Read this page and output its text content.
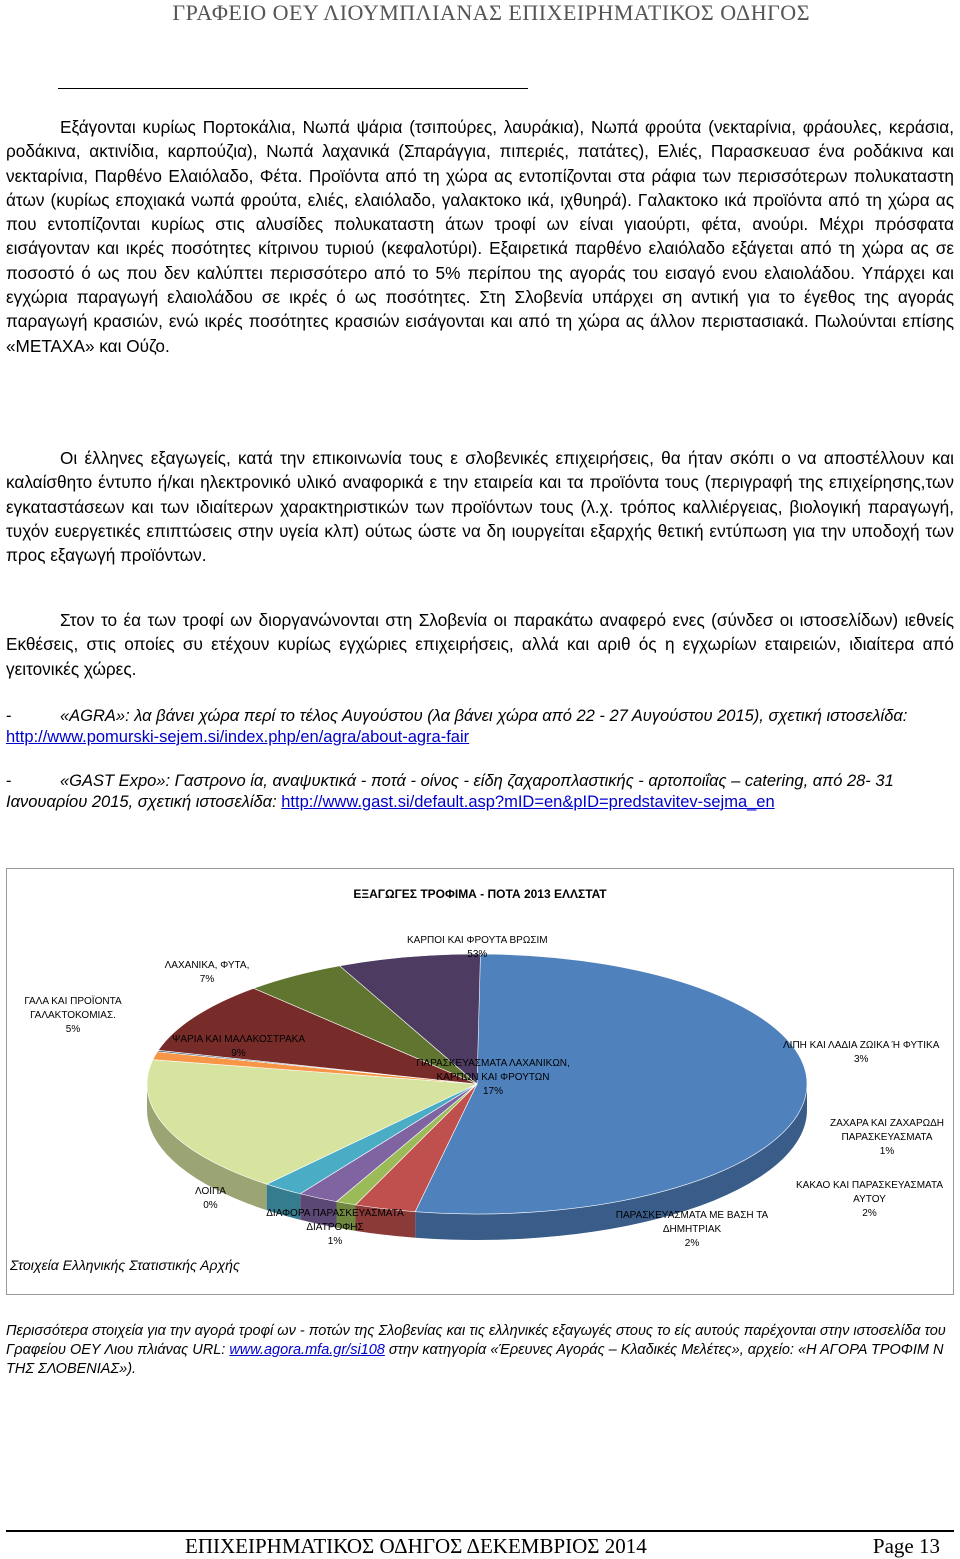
ΓΡΑΦΕΙΟ ΟΕΥ ΛΙΟΥΜΠΛΙΑΝΑΣ ΕΠΙΧΕΙΡΗΜΑΤΙΚΟΣ ΟΔΗΓΟΣ

Εξάγονται κυρίως Πορτοκάλια, Νωπά ψάρια (τσιπούρες, λαυράκια), Νωπά φρούτα (νεκταρίνια, φράουλες, κεράσια, ροδάκινα, ακτινίδια, καρπούζια), Νωπά λαχανικά (Σπαράγγια, πιπεριές, πατάτες), Ελιές, Παρασκευασ ένα ροδάκινα και νεκταρίνια, Παρθένο Ελαιόλαδο, Φέτα. Προϊόντα από τη χώρα ας εντοπίζονται στα ράφια των περισσότερων πολυκαταστη άτων (κυρίως εποχιακά νωπά φρούτα, ελιές, ελαιόλαδο, γαλακτοκο ικά, ιχθυηρά). Γαλακτοκο ικά προϊόντα από τη χώρα ας που εντοπίζονται κυρίως στις αλυσίδες πολυκαταστη άτων τροφί ων είναι γιαούρτι, φέτα, ανούρι. Μέχρι πρόσφατα εισάγονταν και ικρές ποσότητες κίτρινου τυριού (κεφαλοτύρι). Εξαιρετικά παρθένο ελαιόλαδο εξάγεται από τη χώρα ας σε ποσοστό ό ως που δεν καλύπτει περισσότερο από το 5% περίπου της αγοράς του εισαγό ενου ελαιολάδου. Υπάρχει και εγχώρια παραγωγή ελαιολάδου σε ικρές ό ως ποσότητες. Στη Σλοβενία υπάρχει ση αντική για το έγεθος της αγοράς παραγωγή κρασιών, ενώ ικρές ποσότητες κρασιών εισάγονται και από τη χώρα ας άλλον περιστασιακά. Πωλούνται επίσης «ΜΕΤΑΧΑ» και Ούζο.

Οι έλληνες εξαγωγείς, κατά την επικοινωνία τους ε σλοβενικές επιχειρήσεις, θα ήταν σκόπι ο να αποστέλλουν και καλαίσθητο έντυπο ή/και ηλεκτρονικό υλικό αναφορικά ε την εταιρεία και τα προϊόντα τους (περιγραφή της επιχείρησης,των εγκαταστάσεων και των ιδιαίτερων χαρακτηριστικών των προϊόντων τους (λ.χ. τρόπος καλλιέργειας, βιολογική παραγωγή, τυχόν ευεργετικές επιπτώσεις στην υγεία κλπ) ούτως ώστε να δη ιουργείται εξαρχής θετική εντύπωση για την υποδοχή των προς εξαγωγή προϊόντων.

Στον το έα των τροφί ων διοργανώνονται στη Σλοβενία οι παρακάτω αναφερό ενες (σύνδεσ οι ιστοσελίδων) ιεθνείς Εκθέσεις, στις οποίες συ ετέχουν κυρίως εγχώριες επιχειρήσεις, αλλά και αριθ ός η εγχωρίων εταιρειών, ιδιαίτερα από γειτονικές χώρες.

-	«AGRA»: λα βάνει χώρα περί το τέλος Αυγούστου (λα βάνει χώρα από 22 - 27 Αυγούστου 2015), σχετική ιστοσελίδα: http://www.pomurski-sejem.si/index.php/en/agra/about-agra-fair

-	«GAST Expo»: Γαστρονο ία, αναψυκτικά - ποτά - οίνος - είδη ζαχαροπλαστικής - αρτοποιΐας – catering, από 28- 31 Ιανουαρίου 2015, σχετική ιστοσελίδα: http://www.gast.si/default.asp?mID=en&pID=predstavitev-sejma_en

ΕΞΑΓΩΓΕΣ ΤΡΟΦΙΜΑ - ΠΟΤΑ 2013 ΕΛΛΣΤΑΤ
ΚΑΡΠΟΙ ΚΑΙ ΦΡΟΥΤΑ ΒΡΩΣΙΜ
53%
ΛΙΠΗ ΚΑΙ ΛΑΔΙΑ ΖΩΙΚΑ Ή ΦΥΤΙΚΑ
3%
ΖΑΧΑΡΑ ΚΑΙ ΖΑΧΑΡΩΔΗ ΠΑΡΑΣΚΕΥΑΣΜΑΤΑ
1%
ΚΑΚΑΟ ΚΑΙ ΠΑΡΑΣΚΕΥΑΣΜΑΤΑ ΑΥΤΟΥ
2%
ΠΑΡΑΣΚΕΥΑΣΜΑΤΑ ΜΕ ΒΑΣΗ ΤΑ ΔΗΜΗΤΡΙΑΚ
2%
ΠΑΡΑΣΚΕΥΑΣΜΑΤΑ ΛΑΧΑΝΙΚΩΝ, ΚΑΡΠΩΝ ΚΑΙ ΦΡΟΥΤΩΝ
17%
ΔΙΑΦΟΡΑ ΠΑΡΑΣΚΕΥΑΣΜΑΤΑ ΔΙΑΤΡΟΦΗΣ
1%
ΛΟΙΠΑ
0%
ΨΑΡΙΑ ΚΑΙ ΜΑΛΑΚΟΣΤΡΑΚΑ
9%
ΓΑΛΑ ΚΑΙ ΠΡΟΪΟΝΤΑ ΓΑΛΑΚΤΟΚΟΜΙΑΣ.
5%
ΛΑΧΑΝΙΚΑ, ΦΥΤΑ,
7%
Στοιχεία Ελληνικής Στατιστικής Αρχής

Περισσότερα στοιχεία για την αγορά τροφί ων - ποτών της Σλοβενίας και τις ελληνικές εξαγωγές στους τo είς αυτούς παρέχονται στην ιστοσελίδα του Γραφείου ΟΕΥ Λιου πλιάνας URL: www.agora.mfa.gr/si108 στην κατηγορία «Έρευνες Αγοράς – Κλαδικές Μελέτες», αρχείο: «Η ΑΓΟΡΑ ΤΡΟΦΙΜ Ν ΤΗΣ ΣΛΟΒΕΝΙΑΣ»).

ΕΠΙΧΕΙΡΗΜΑΤΙΚΟΣ ΟΔΗΓΟΣ ΔΕΚΕΜΒΡΙΟΣ 2014	Page 13
